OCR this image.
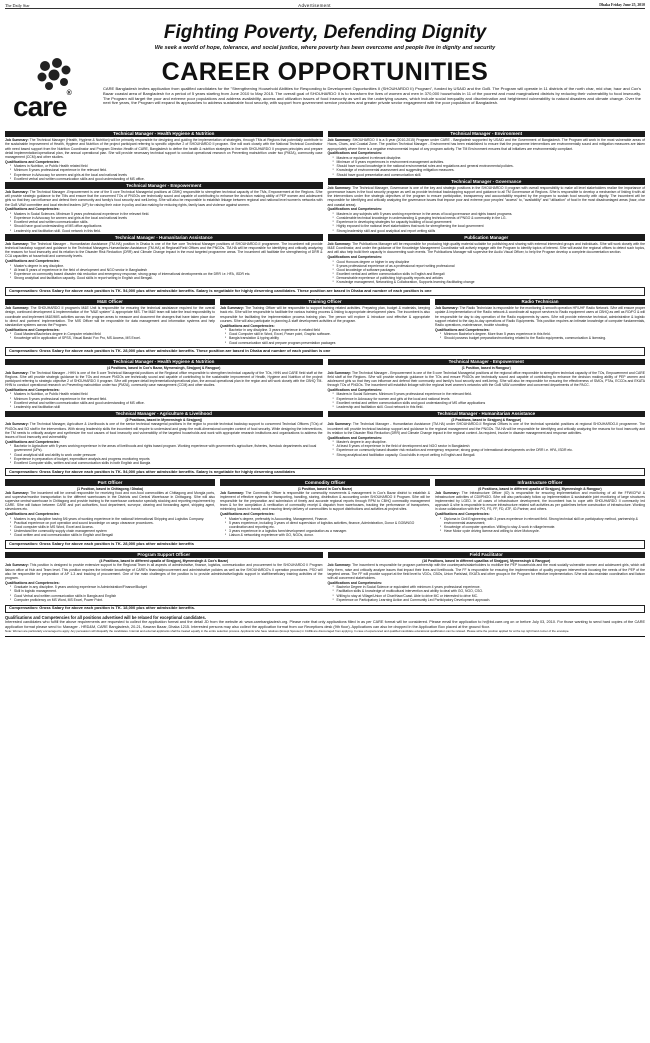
The Daily Star	Advertisement	Dhaka Friday June 25, 2010
Fighting Poverty, Defending Dignity
We seek a world of hope, tolerance, and social justice, where poverty has been overcome and people live in dignity and security
CAREER OPPORTUNITIES
care®
CARE Bangladesh invites application from qualified candidates for the "Strengthening Household Abilities for Responding to Development Opportunities II (SHOUHARDO II) Program", funded by USAID and the GoB. The Program will operate in 11 districts of the north char, mid char, haor and Cox's Bazar coastal area of Bangladesh for a period of 5 years starting from June 2010 to May 2015. The overall goal of SHOUHARDO II is to transform the lives of women and men in 370,000 households in 11 of the poorest and most marginalized districts by reducing their vulnerability to food insecurity. The Program will target the poor and extreme poor populations and address availability, access and utilization issues of food insecurity as well as the underlying causes, which include social inequality and discrimination and heightened vulnerability to natural disasters and climate change. Over the next five years, the Program will expand its approaches to address sustainable food security, with support from government service providers and greater private sector engagement with the poor population of Bangladesh.
Technical Manager - Health Hygiene & Nutrition
Job Summary: The Technical Manager (Health, Hygiene & Nutrition) will be primarily responsible for designing and guiding the implementation of strategies, through TMs at Regions that potentially contribute to the sustainable improvement of Health, Hygiene and Nutrition of the project participant referring to specific objective 2 of SHOUHARDO II program. She will work closely with the National Technical Coordinator with need based support from the Nutrition Coordinator and Program Director-Health of CARE, Bangladesh to define the health & nutrition strategies in line with SHOUHARDO II program principles and prepare detail implementation/operational plan, the annual operational plan. She will provide necessary technical support to conduct operational research on Preventing malnutrition under two (PM2A), community case management (CCM) and other studies.
Qualifications and Competencies:
▪ Masters in Nutrition, or Public Health related field
▪ Minimum 5 years professional experience in the relevant field.
▪ Experience in Advocacy for women and girls at the local and national levels
▪ Excellent verbal and written communication skills and good understanding of MS office.
Technical Manager - Empowerment
Job Summary: The Technical Manager -Empowerment is one of the 5 core Technical Managerial positions at CBHQ responsible to strengthen technical capacity of the TMs, Empowerment at the Regions. S/he will provide strategic guidance to the TMs and ensure that the concerned TOs of PNGOs are technically sound and capable of contributing to enhance the decision making ability of PEP women and adolescent girls so that they can influence and defend their community and family's food security and well-being. S/he will also be responsible to establish linkage between regional and national level women's networks with the GoB VAW committee and local elected leaders (UP) for raising their voice in policy and law making for reducing rights, family laws and violence against women.
Qualifications and Competencies:
▪ Masters in Social Sciences. Minimum 5 years professional experience in the relevant field.
▪ Experience in Advocacy for women and girls at the local and national levels
▪ Excellent verbal and written communication skills.
▪ Should have good understanding of MS office applications
▪ Leadership and facilitation skill. Good network in this field.
Technical Manager - Humanitarian Assistance
Job Summary: The Technical Manager - Humanitarian Assistance (TM-HA) position in Dhaka is one of the five core Technical Manager positions of SHOUHARDO-II programme. The incumbent will provide technical backstop support and guidance to the Technical Managers-Humanitarian Assistance (TM-HA) at Regional/Field Offices and the PNGOs. TM-HA will be responsible for identifying and critically analyzing the reasons for food insecurity and its relation to the Disaster Risk Reduction (DRR) and Climate Change impact in the most targeted programme areas. The incumbent will facilitate the strengthening of DRR & CCA capacities at household and community levels.
Qualifications and Competencies:
▪ Master's degree in any discipline.
▪ At least 5 years of experience in the field of development and NGO sector in Bangladesh
▪ Experience on community based disaster risk reduction and emergency response; strong grasp of international developments on the DRR i.e. HFA, ISDR etc.
▪ Strong analytical and facilitation capacity. Good skills in report writing in English and Bengali.
Technical Manager - Environment
Job Summary: SHOUHARDO II is a 5 year (2010-2015) Program under CARE - Bangladesh supported by USAID and the Government of Bangladesh. The Program will work in the most vulnerable areas of Haors, Chars, and Coastal Zone. The position Technical Manager - Environment has been established to ensure that the programme interventions are environmentally sound and mitigation measures are taken appropriately where there is a negative environmental impact of any program activity. The TM Environment ensures that all initiatives are environmentally compliant.
Qualifications and Competencies:
▪ Masters or equivalent in relevant discipline.
▪ Minimum of 5 years experiences in environment management activities.
▪ Should have sound knowledge in the national environmental rules and regulations and general environmental policies.
▪ Knowledge of environmental assessment and suggesting mitigation measures.
▪ Should have good presentation and communication skill.
Technical Manager - Governance
Job Summary: The Technical Manager, Governance is one of the key and strategic positions in the SHOUHARDO II program with overall responsibility to make all level stakeholders realize the importance of governance issues in the food security program as well as provide technical backstopping support and guidance to all TM Governance at Regions. S/he is responsible to develop a mechanism of linking it with all the interventions under five strategic objectives of the program to ensure participation, transparency and accountability required by the program to sustain food security with dignity. The incumbent will be responsible for identifying and critically analyzing the governance issues that impose poor and extreme poor peoples' "access" to, "availability" and "utilization" of food in the most disadvantaged areas (haor, char and coastal areas).
Qualifications and Competencies:
▪ Masters in any subjects with 5 years working experience in the areas of local governance and rights based programs.
▪ Considerable technical knowledge in understanding & grasping technical needs of PNGO & community in the LG.
▪ Experience in developing strategies for capacity building of local government
▪ Highly exposed to the national level stakeholders that work for strengthening the local government
▪ Strong leadership skill and good analytical and report writing skills
Publication Manager
Job Summary: The Publications Manager will be responsible for producing high quality material suitable for publishing and sharing with external interested groups and individuals. S/he will work closely with the M&E Coordinator, and under the guidance of the Knowledge Management Coordinator will actively engage with the Program to identify topics of interest. S/he will assist the regional offices to detect such topics, and will also help build their capacity in documenting such events. The Publications Manager will supervise the Audio Visual Officer, to help the Program develop a complete documentation section.
Qualifications and Competencies:
▪ Good Honours degree or higher in any discipline
▪ 5 years professional experience of as a professional report writing professional
▪ Good knowledge of software packages
▪ Excellent verbal and written communication skills in English and Bengali
▪ Demonstrable experience of publishing high quality reports and articles
▪ Knowledge management, Networking & Collaboration, Supports learning /facilitating change
Compensation: Gross Salary for above each position is TK. 54,000 plus other admissible benefits. Salary is negotiable for highly deserving candidates. These position are based in Dhaka and number of each position is one
M&E Officer
Job Summary: The SHOUHARDO II program's M&E Unit is responsible for ensuring the technical assistance required for the overall design, continued development & implementation of the "M&E system" & appropriate MIS. The M&E team will take the lead responsibility to coordinate and implement M&E/MIS activities across the program areas to measure and document the changes that have taken place due to direct and partners' implementation. The MIS Officer will be responsible for data management and information systems and help standardize systems across the Program.
Qualifications and Competencies:
▪ Good Masters/Bachelors degree in Computer related field
▪ Knowledge will in application of SPSS, Visual Basic/ Fox Pro, MS Access, MS Excel.
Training Officer
Job Summary: The Training Officer will be responsible to support training related activities. Preparing plan, budget & materials, keeping track etc. S/he will be responsible to facilitate the various training process & linking to appropriate development plans. The incumbent is also responsible for facilitating the implementation process training plan. The person will explore & introduce cost effective & appropriate courses. S/he will also participate in planning & staff development activities of the program.
Qualifications and Competencies:
▪ Bachelor in any discipline. 3 years experience in related field
▪ Good Computer skill in Word, Excel, Power point, Graphic software.
▪ Bangla translation & typing ability
▪ Good communication skill and prepare program presentation packages
Radio Technician
Job Summary: The Radio Technician is responsible for the monitoring & smooth operation HF/UHF Radio Network. S/he will ensure proper update & implementation of the Radio network & coordinate all support services to Radio equipment users at CBHQ as well as RO/FO & will be responsible for day to day operation of the Radio equipments by users. S/he will provide extensive technical, administrative & logistic support related to the day-to-day operations of Radio Equipments. This position requires an intimate knowledge of computer fundamentals, Radio operations, maintenance, trouble shooting.
Qualifications and Competencies:
▪ Minimum Bachelor's degree. More than 5 years experience in this field.
▪ Should possess budget preparation/monitoring related to the Radio equipments, communication & licensing.
Compensation: Gross Salary for above each position is TK. 28,000 plus other admissible benefits. These position are based in Dhaka and number of each position is one
Technical Manager - Health Hygiene & Nutrition
(4 Positions, based in Cox's Bazar, Mymensingh, Sirajgonj & Rangpur)
Job Summary: The Technical Manager - HHN is one of the 5 core Technical Managerial positions at the Regional office responsible to strengthen technical capacity of the TOs, HHN and CARE field staff at the Regions. S/he will provide strategic guidance to the TOs and ensure PNGOs are technically sound and capable of contributing to the sustainable improvement of Health, Hygiene and Nutrition of the project participant referring to strategic objective 2 of SHOUHARDO II program. S/he will prepare detail implementation/operational plan, the annual operational plan in the region and will work closely with the CBHQ TM-HHN to conduct operational research on Preventing malnutrition under two (PM2A), community case management (CCM) and other studies.
Qualifications and Competencies:
▪ Masters in Nutrition, or Public Health related field
▪ Minimum 5 years professional experience in the relevant field.
▪ Excellent verbal and written communication skills and good understanding of MS office.
▪ Leadership and facilitation skill
Technical Manager - Agriculture & Livelihood
(2 Positions, based in Mymensingh & Sirajgonj)
Job Summary: The Technical Manager, Agriculture & Livelihoods is one of the senior technical managerial positions in the region to provide technical backstop support to concerned Technical Officers (TOs) of PNGOs and SO staff in the interventions. With strong leadership skills the incumbent will require to understand and grasp the multi-dimensional complex context of food security. While designing the interventions, the TM needs to critically analyze and synthesize the root causes of food insecurity and vulnerability of the targeted households and work with appropriate research institutions and organizations to address the issues of food insecurity and vulnerability.
Qualifications and Competencies:
▪ Bachelor in Agriculture with 5 years working experience in the areas of livelihoods and rights based program. Working experience with government's agriculture, fisheries, livestock departments and local government (UPs).
▪ Good analytical skill and ability to work under pressure
▪ Experience in preparation of budget, expenditure analysis and progress monitoring reports
▪ Excellent Computer skills, written and oral communication skills in both English and Bangla
Technical Manager - Empowerment
(1 Position, based in Rangpur)
Job Summary: The Technical Manager - Empowerment is one of the 5 core Technical Managerial positions at the regional office responsible to strengthen technical capacity of the TOs, Empowerment and CARE field staff at the Regions. S/he will provide strategic guidance to the TOs and ensure PNGOs are technically sound and capable of contributing to enhance the decision making ability of PEP women and adolescent girls so that they can influence and defend their community and family's food security and well-being. S/he will also be responsible for ensuring the effectiveness of SMCs, PTAs, ECCDs and EKATA through TOs of PNGOs. The incumbent will establish linkage with the regional level women's networks with the GoB VAW committee and concerned departments of the PACC.
Qualifications and Competencies:
▪ Masters in Social Sciences. Minimum 5 years professional experience in the relevant field.
▪ Experience in Advocacy for women and girls at the local and national levels
▪ Excellent verbal and written communication skills and good understanding of MS office applications
▪ Leadership and facilitation skill. Good network in this field.
Technical Manager - Humanitarian Assistance
(2 Positions, based in Sirajgonj & Rangpur)
Job Summary: The Technical Manager - Humanitarian Assistance (TM-HA) under SHOUHARDO-II Regional Offices is one of the technical specialist positions at regional SHOUHARDO-II programme. The incumbent will provide technical backstop support and guidance to the regional management and the PNGOs. TM-HA will be responsible for identifying and critically analyzing the reasons for food insecurity and its relation to the Disaster Risk Reduction (DRR) and Climate Change impact in the regional context. As required, involve in disaster management and response activities.
Qualifications and Competencies:
▪ Master's degree in any discipline.
▪ At least 5 years of experience in the field of development and NGO sector in Bangladesh
▪ Experience on community based disaster risk reduction and emergency response; strong grasp of international developments on the DRR i.e. HFA, ISDR etc.
▪ Strong analytical and facilitation capacity. Good skills in report writing in English and Bengali.
Compensation: Gross Salary for above each position is TK. 54,000 plus other admissible benefits. Salary is negotiable for highly deserving candidates
Port Officer
(1 Position, based in Chittagong / Dhaka)
Job Summary: The incumbent will be overall responsible for receiving food and non-food commodities at Chittagong and Mongla ports, and supervise/monitor transportation to the different warehouses in the Districts and Central Warehouse in Chittagong. S/he will also supervise central warehouse in Chittagong and provide training to the warehouse contractor specially stocking and reporting requirement by CARE. S/he will liaison between CARE and port authorities, food department, surveyor, clearing and forwarding agent, shipping agent, stevedores etc.
Qualifications and Competencies:
▪ Masters in any discipline having 5/6 years of working experience in the national/ international Shipping and Logistics Company.
▪ Practical experience on port operation and sound knowledge on cargo clearance procedures.
▪ Good computer skills in MS Word, Excel and Access.
▪ Understand the commodity supply chain management system
▪ Good written and oral communication skills in English and Bengali
Commodity Officer
(1 Position, based in Cox's Bazar)
Job Summary: The Commodity Officer is responsible for commodity movements & management in Cox's Bazar district to establish & implement of effective systems for transporting, handling, storing, distribution & accounting under SHOUHARDO II Program. S/he will be responsible for the preparation and submission of timely and accurate regional reports through RPM to CBHQ commodity management team & for the compilation & verification of commodity receipt & dispatch from warehouses, tracking the performance of transporters, minimizing losses in transit, and ensuring timely delivery of commodities to support distributions and activities at project sites.
Qualifications and Competencies:
▪ Master's degree, preferably in Accounting, Management, Finance.
▪ 5 years experience, including 3 years of direct supervision of logistics activities, finance, Administration, Donor & GOB/NGO coordination and reporting etc.
▪ 3 years experience in a logistics farm/development organization as a manager.
▪ Liaison & networking experience with GO, NGOs, donor.
Infrastructure Officer
(6 Positions, based in different upazila of Sirajgonj, Mymensingh & Rangpur)
Job Summary: The Infrastructure Officer (IO) is responsible for ensuring implementation and monitoring of all the FFW/CFW & infrastructure activities of CDI/PNGO. S/he will also particularly follow up implementation & sustainable joint monitoring of large structures implemented by LGED. In all cases of infrastructure development, the incumbent has to cope with SHOUHARDO II community led approach & s/he is responsible to ensure infrastructure related soft activities as per guidelines before construction of infrastructure. Working in close collaboration with the PO, FS, FF, FD, ATF, IO-Partner, and others.
Qualifications and Competencies:
▪ Diploma in Civil Engineering with 3 years experience in relevant field. Strong technical skill on participatory method, partnership & environmental assessment;
▪ Knowledge of computer operation. Willing to stay & work in village/remote.
▪ Have Motor cycle driving license and willing to drive Motorcycle.
Compensation: Gross Salary for above each position is TK. 28,000 plus other admissible benefits
Program Support Officer
(4 Positions, based in different upazila of Sirajgonj, Mymensingh & Cox's Bazar)
Job Summary: This position is designed to provide extensive support to the Regional Team in all aspects of administrative, finance, logistics, communication and procurement to the SHOUHARDO II Program liaison office at Hub and Team level. This position requires the intimate knowledge of CARE's financial/procurement and administrative policies as well as the SHOUHARDO's II operation procedures. PSO will also be responsible for preparation of AP 1-3 and tracking of procurement. One of the main challenges of the position is to provide administrative/logistic support in staff/beneficiary training activities of the program.
Qualifications and Competencies:
▪ Graduate in any discipline. 5 years working experience in Administration/Finance/Budget
▪ Skill in logistic management.
▪ Good Verbal and written communication skills in Bangla and English
▪ Computer proficiency on MS Word, MS Excel, Power Point.
Field Facilitator
(16 Positions, based in different upazillas of Sirajgonj, Mymensingh & Rangpur)
Job Summary: The incumbent is responsible for program partnership with the counterparts/stakeholders to mobilize the PEP households and the most socially vulnerable women and adolescent girls, which will help them, raise and critically analyze issues that impact their lives and livelihoods. The FF is responsible for ensuring the implementation of quality program interventions focusing the needs of the PEP of the targeted areas. The FF will provide support at the field level to VDCs, CBOs, Union Parishad, EKATA and other groups in the Program for effective implementation. S/he will also maintain coordination and liaison with all concerned stakeholders.
Qualifications and Competencies:
▪ Bachelor Degree in Social Science or equivalent with minimum 4 years professional experience.
▪ Facilitation skills & knowledge of multicultural intervention and ability to deal with GO, NGO, CSO.
▪ Willing to stay at Village/Union of Char/Haor/Coast. Able to drive MC or interested to drive MC.
▪ Experience on Participatory Learning Action and Community Led Participatory Development approach.
Compensation: Gross Salary for above each position is TK. 18,000 plus other admissible benefits.
Qualifications and Competencies for all positions advertised will be relaxed for exceptional candidates.
Interested candidates who fulfill the above requirements are requested to collect the application format and the detail JD from the website at: www.carebangladesh.org. Please note that only applications filled in as per CARE format will be considered. Please email the application to hr@bd.care.org on or before July 03, 2010. For those wanting to send hard copies of the CARE application format please send to: Manager - HRD&M, CARE Bangladesh, 20-21, Kawran Bazar, Dhaka 1215. Interested persons may also collect the application format from our Receptions desk (9th floor). Applications can also be dropped in the Application Box placed at the ground floor.
Note: Women are particularly encouraged to apply. Any persuasion will disqualify the candidates. Internal and external applicants shall be treated equally in the entire selection process. Applicants who have relatives (Except Spouse) in CARE are discouraged from applying. In case of experienced and qualified candidate educational qualification can be relaxed. Please write the position applied for at the top right hand corner of the envelope.
